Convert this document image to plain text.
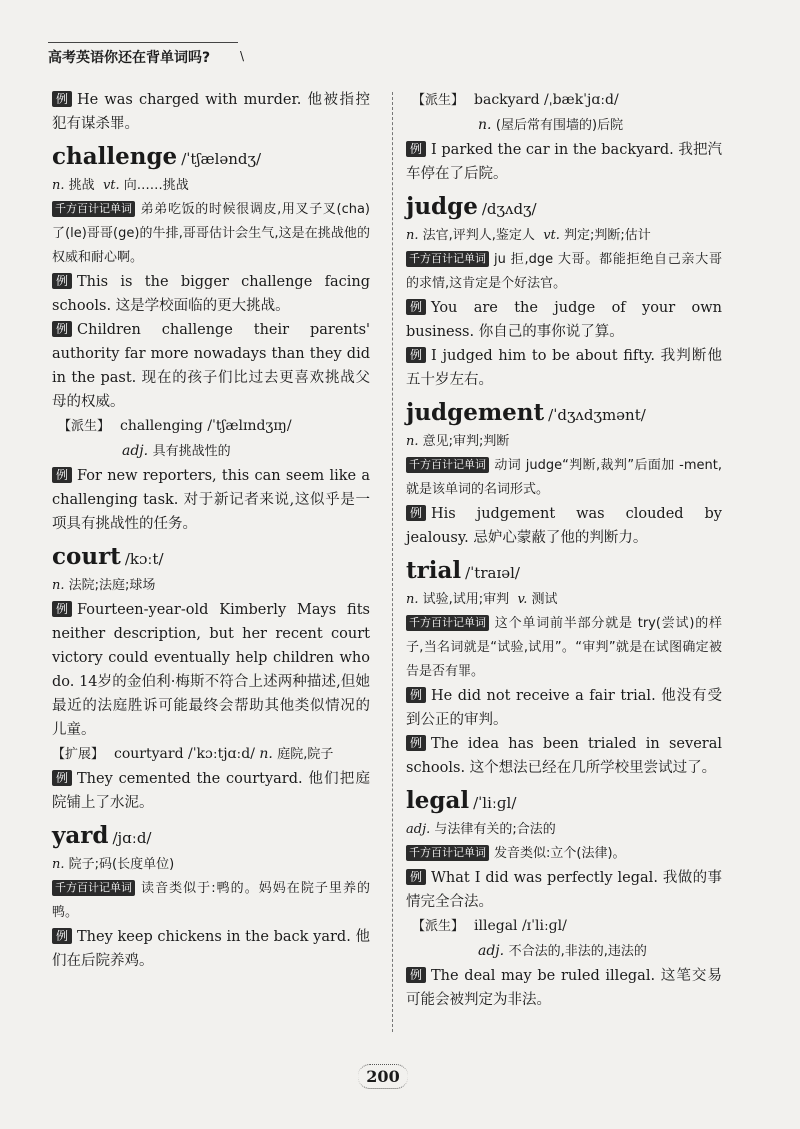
高考英语你还在背单词吗? \
例 He was charged with murder. 他被指控犯有谋杀罪。
challenge /ˈtʃæləndʒ/
n. 挑战 vt. 向……挑战
千方百计记单词 弟弟吃饭的时候很调皮,用叉子叉(cha)了(le)哥哥(ge)的牛排,哥哥估计会生气,这是在挑战他的权威和耐心啊。
例 This is the bigger challenge facing schools. 这是学校面临的更大挑战。
例 Children challenge their parents' authority far more nowadays than they did in the past. 现在的孩子们比过去更喜欢挑战父母的权威。
【派生】 challenging /ˈtʃælɪndʒɪŋ/
adj. 具有挑战性的
例 For new reporters, this can seem like a challenging task. 对于新记者来说,这似乎是一项具有挑战性的任务。
court /kɔːt/
n. 法院;法庭;球场
例 Fourteen-year-old Kimberly Mays fits neither description, but her recent court victory could eventually help children who do. 14岁的金伯利·梅斯不符合上述两种描述,但她最近的法庭胜诉可能最终会帮助其他类似情况的儿童。
【扩展】 courtyard /ˈkɔːtjɑːd/ n. 庭院,院子
例 They cemented the courtyard. 他们把庭院铺上了水泥。
yard /jɑːd/
n. 院子;码(长度单位)
千方百计记单词 读音类似于:鸭的。妈妈在院子里养的鸭。
例 They keep chickens in the back yard. 他们在后院养鸡。
【派生】 backyard /ˌbækˈjɑːd/
n. (屋后常有围墙的)后院
例 I parked the car in the backyard. 我把汽车停在了后院。
judge /dʒʌdʒ/
n. 法官,评判人,鉴定人 vt. 判定;判断;估计
千方百计记单词 ju 拒,dge 大哥。都能拒绝自己亲大哥的求情,这肯定是个好法官。
例 You are the judge of your own business. 你自己的事你说了算。
例 I judged him to be about fifty. 我判断他五十岁左右。
judgement /ˈdʒʌdʒmənt/
n. 意见;审判;判断
千方百计记单词 动词 judge“判断,裁判”后面加 -ment,就是该单词的名词形式。
例 His judgement was clouded by jealousy. 忌妒心蒙蔽了他的判断力。
trial /ˈtraɪəl/
n. 试验,试用;审判 v. 测试
千方百计记单词 这个单词前半部分就是 try(尝试)的样子,当名词就是“试验,试用”。“审判”就是在试图确定被告是否有罪。
例 He did not receive a fair trial. 他没有受到公正的审判。
例 The idea has been trialed in several schools. 这个想法已经在几所学校里尝试过了。
legal /ˈliːɡl/
adj. 与法律有关的;合法的
千方百计记单词 发音类似:立个(法律)。
例 What I did was perfectly legal. 我做的事情完全合法。
【派生】 illegal /ɪˈliːɡl/
adj. 不合法的,非法的,违法的
例 The deal may be ruled illegal. 这笔交易可能会被判定为非法。
200
